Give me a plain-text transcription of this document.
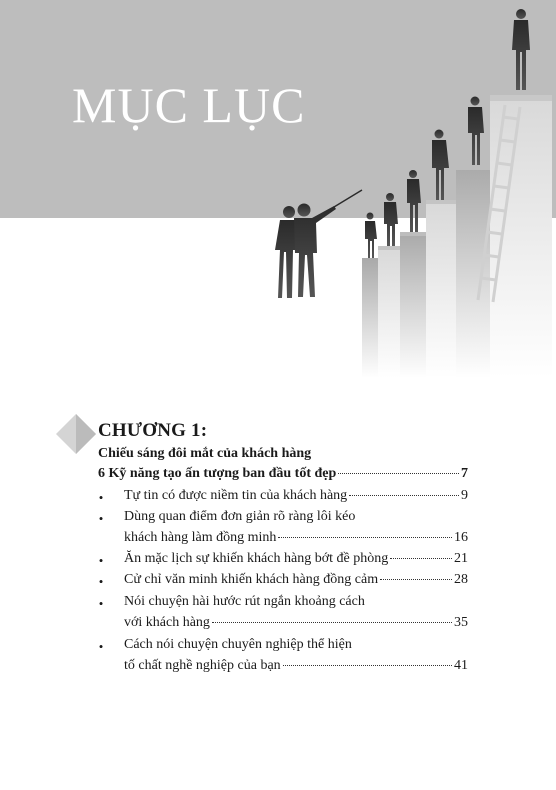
MỤC LỤC
CHƯƠNG 1:
Chiếu sáng đôi mắt của khách hàng
6 Kỹ năng tạo ấn tượng ban đầu tốt đẹp	7
• Tự tin có được niềm tin của khách hàng	9
• Dùng quan điểm đơn giản rõ ràng lôi kéo
khách hàng làm đồng minh	16
• Ăn mặc lịch sự khiến khách hàng bớt đề phòng	21
• Cử chỉ văn minh khiến khách hàng đồng cảm	28
• Nói chuyện hài hước rút ngắn khoảng cách
với khách hàng	35
• Cách nói chuyện chuyên nghiệp thể hiện
tố chất nghề nghiệp của bạn	41
